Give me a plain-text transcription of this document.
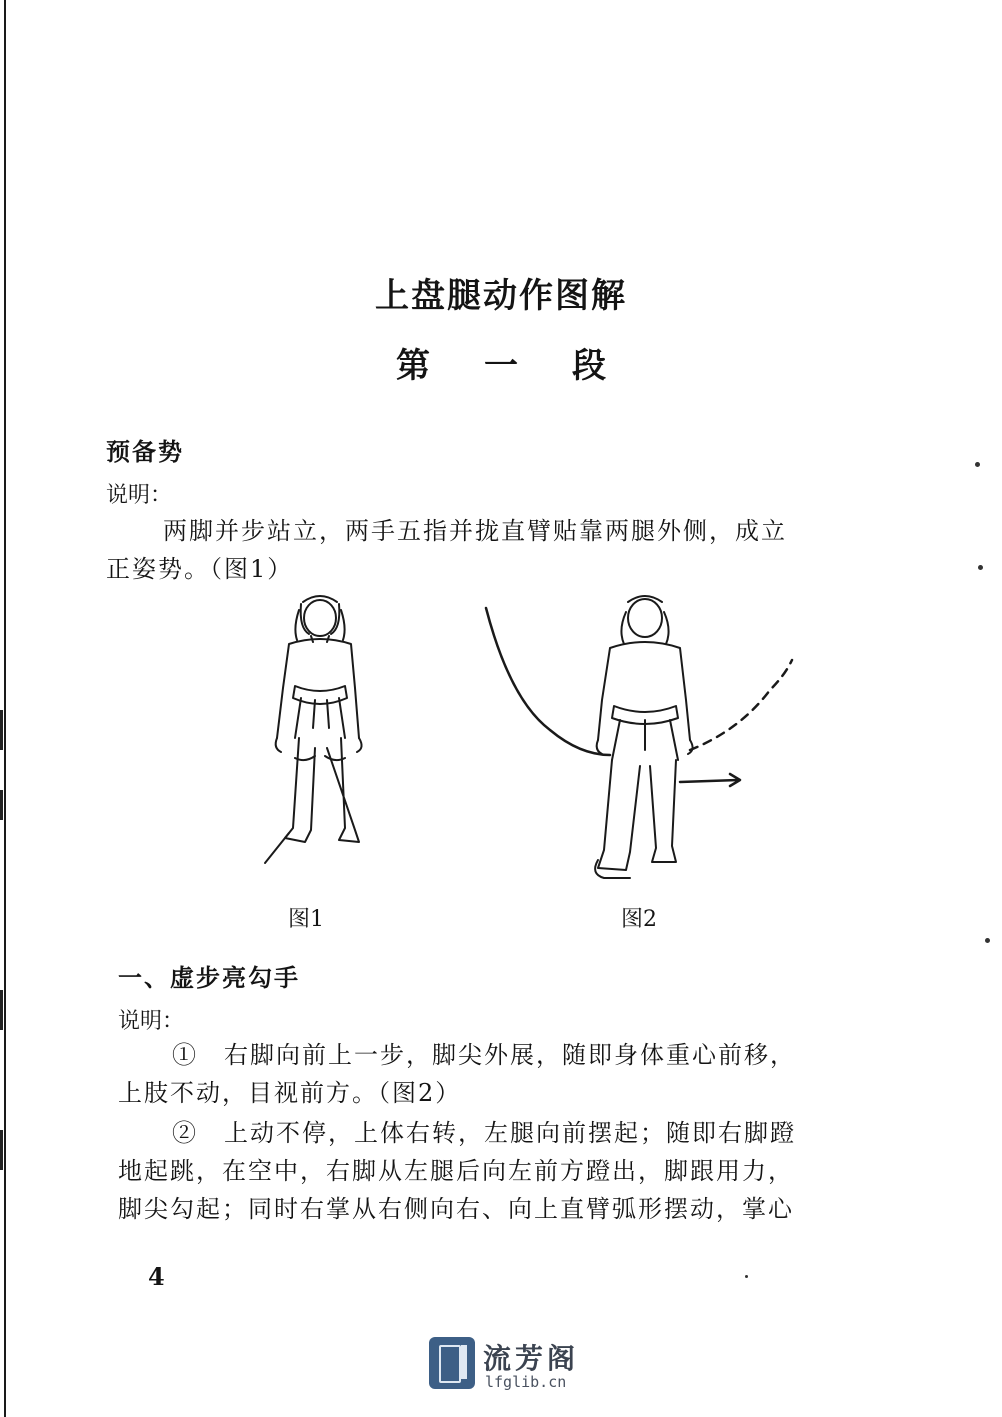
上盘腿动作图解
第一段
预备势
说明：
两脚并步站立，两手五指并拢直臂贴靠两腿外侧，成立
正姿势。（图1）
图1	图2
一、虚步亮勾手
说明：
①　右脚向前上一步，脚尖外展，随即身体重心前移，
上肢不动，目视前方。（图2）
②　上动不停，上体右转，左腿向前摆起；随即右脚蹬
地起跳，在空中，右脚从左腿后向左前方蹬出，脚跟用力，
脚尖勾起；同时右掌从右侧向右、向上直臂弧形摆动，掌心
4
流芳阁
lfglib.cn
